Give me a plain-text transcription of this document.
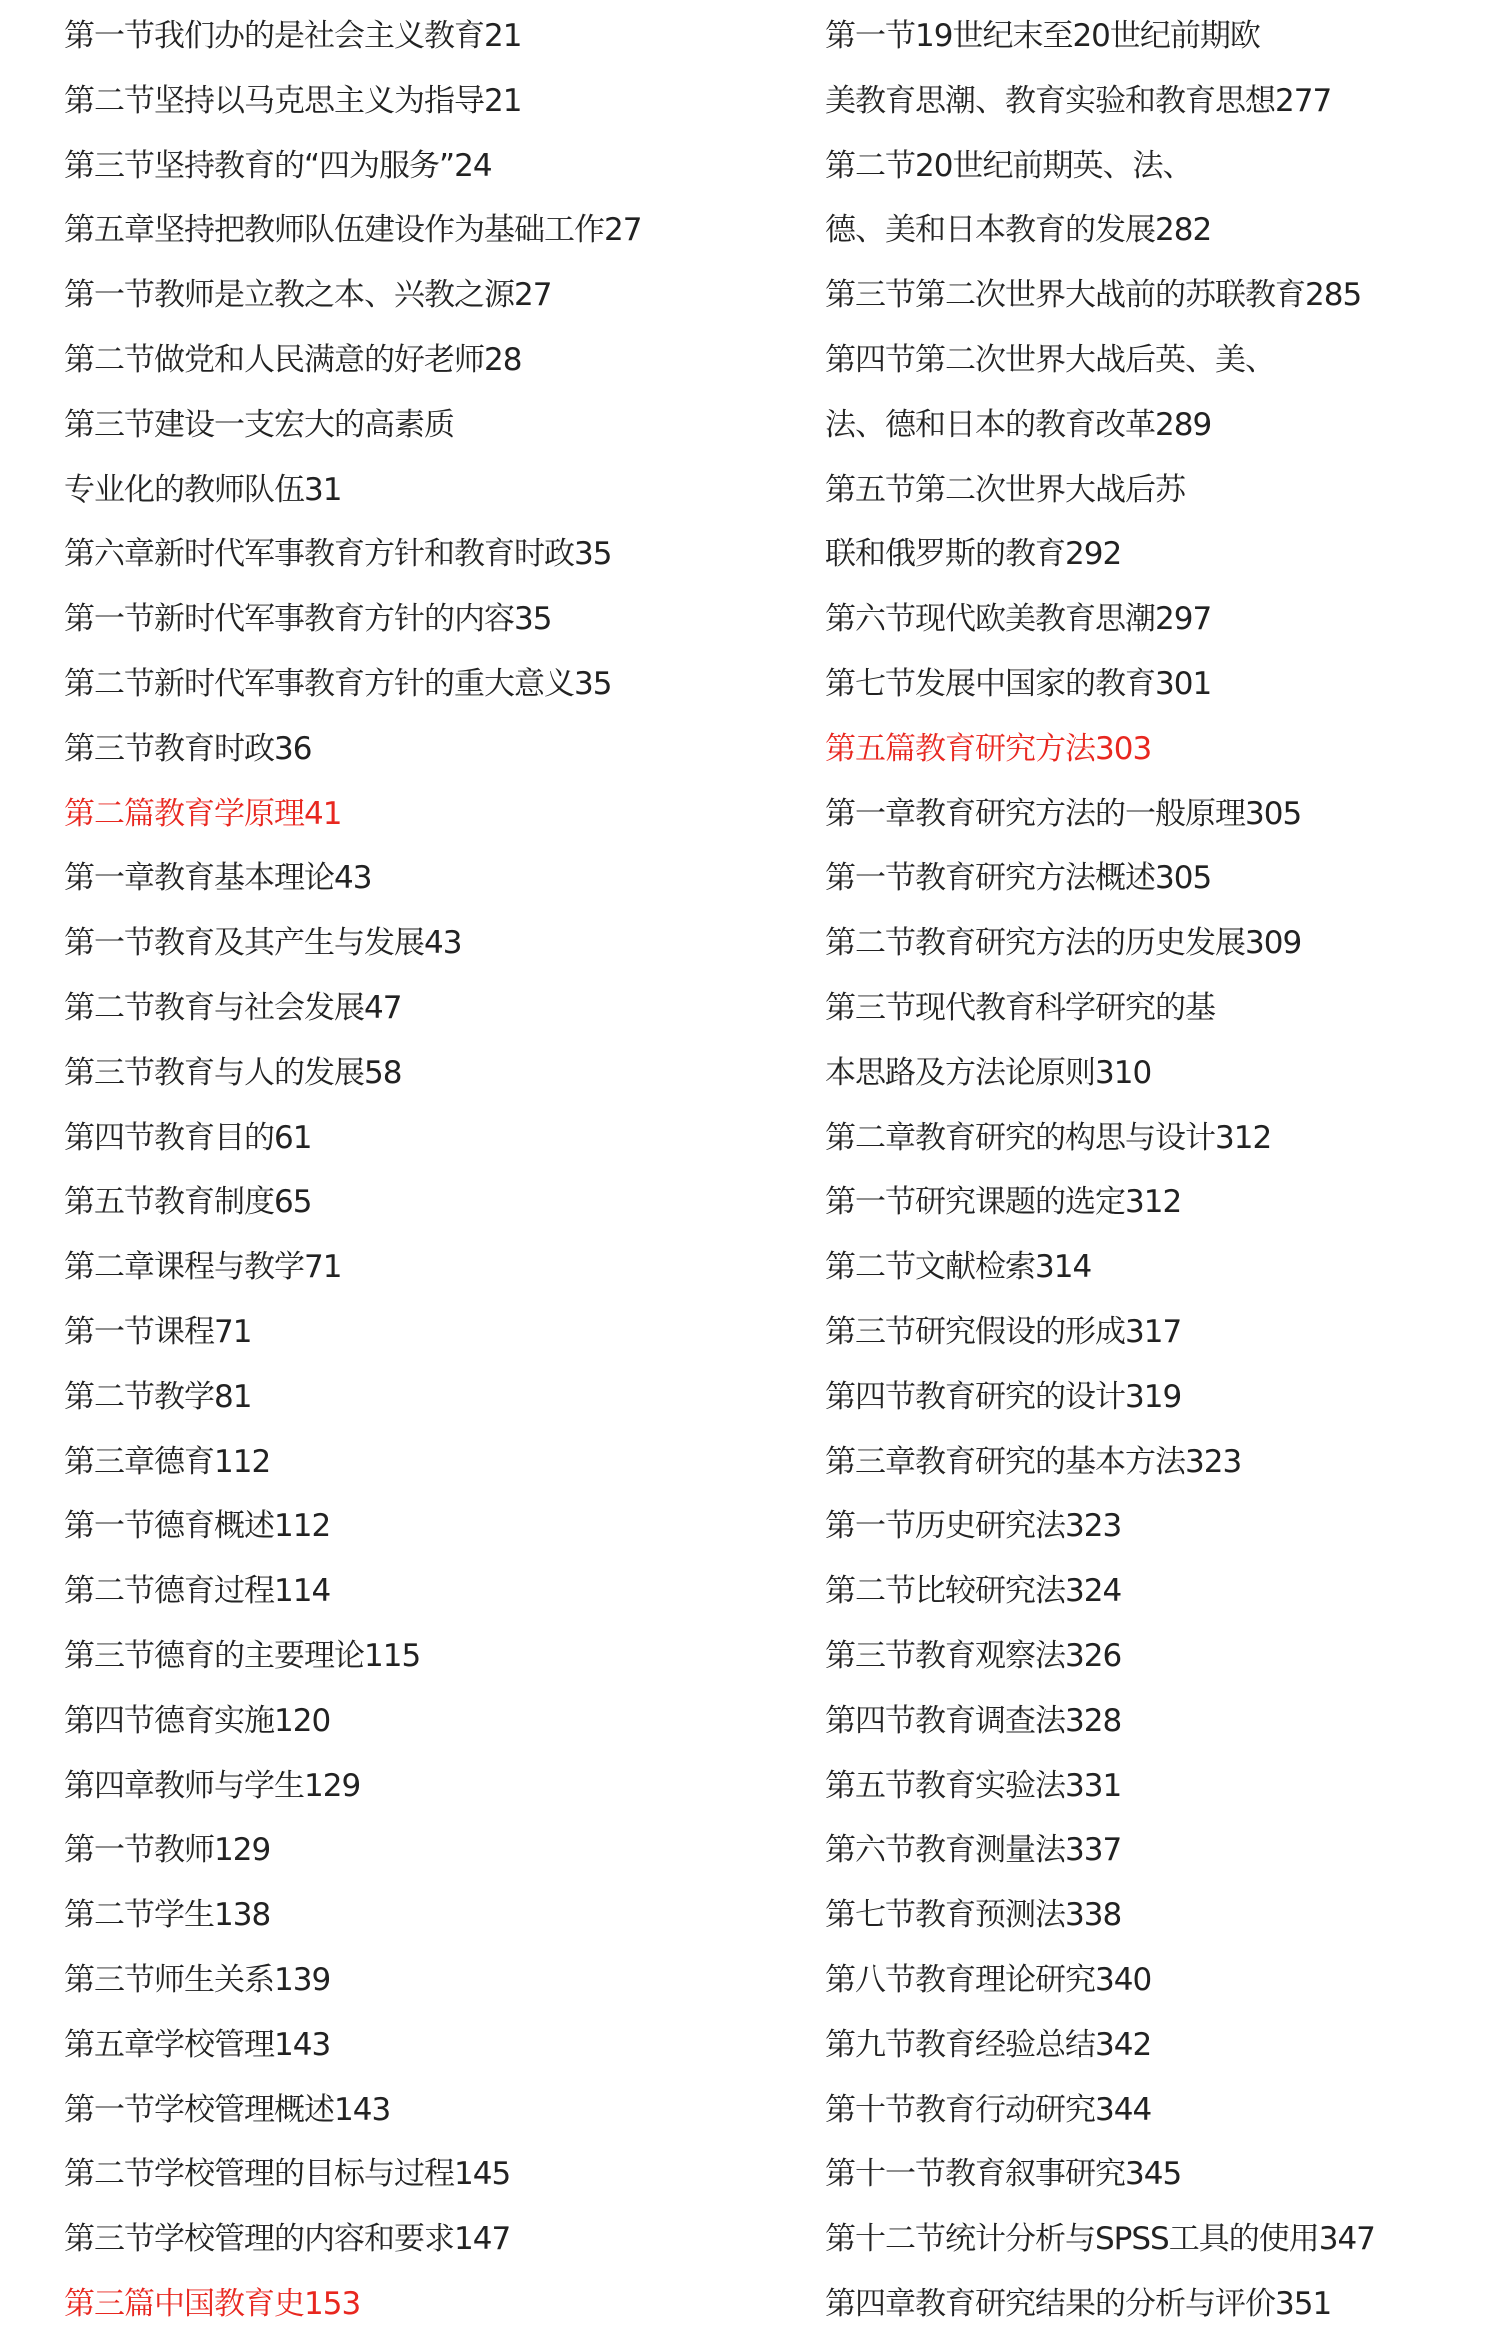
第一节我们办的是社会主义教育21
第二节坚持以马克思主义为指导21
第三节坚持教育的“四为服务”24
第五章坚持把教师队伍建设作为基础工作27
第一节教师是立教之本、兴教之源27
第二节做党和人民满意的好老师28
第三节建设一支宏大的高素质
专业化的教师队伍31
第六章新时代军事教育方针和教育时政35
第一节新时代军事教育方针的内容35
第二节新时代军事教育方针的重大意义35
第三节教育时政36
第二篇教育学原理41
第一章教育基本理论43
第一节教育及其产生与发展43
第二节教育与社会发展47
第三节教育与人的发展58
第四节教育目的61
第五节教育制度65
第二章课程与教学71
第一节课程71
第二节教学81
第三章德育112
第一节德育概述112
第二节德育过程114
第三节德育的主要理论115
第四节德育实施120
第四章教师与学生129
第一节教师129
第二节学生138
第三节师生关系139
第五章学校管理143
第一节学校管理概述143
第二节学校管理的目标与过程145
第三节学校管理的内容和要求147
第三篇中国教育史153
第一节19世纪末至20世纪前期欧
美教育思潮、教育实验和教育思想277
第二节20世纪前期英、法、
德、美和日本教育的发展282
第三节第二次世界大战前的苏联教育285
第四节第二次世界大战后英、美、
法、德和日本的教育改革289
第五节第二次世界大战后苏
联和俄罗斯的教育292
第六节现代欧美教育思潮297
第七节发展中国家的教育301
第五篇教育研究方法303
第一章教育研究方法的一般原理305
第一节教育研究方法概述305
第二节教育研究方法的历史发展309
第三节现代教育科学研究的基
本思路及方法论原则310
第二章教育研究的构思与设计312
第一节研究课题的选定312
第二节文献检索314
第三节研究假设的形成317
第四节教育研究的设计319
第三章教育研究的基本方法323
第一节历史研究法323
第二节比较研究法324
第三节教育观察法326
第四节教育调查法328
第五节教育实验法331
第六节教育测量法337
第七节教育预测法338
第八节教育理论研究340
第九节教育经验总结342
第十节教育行动研究344
第十一节教育叙事研究345
第十二节统计分析与SPSS工具的使用347
第四章教育研究结果的分析与评价351
